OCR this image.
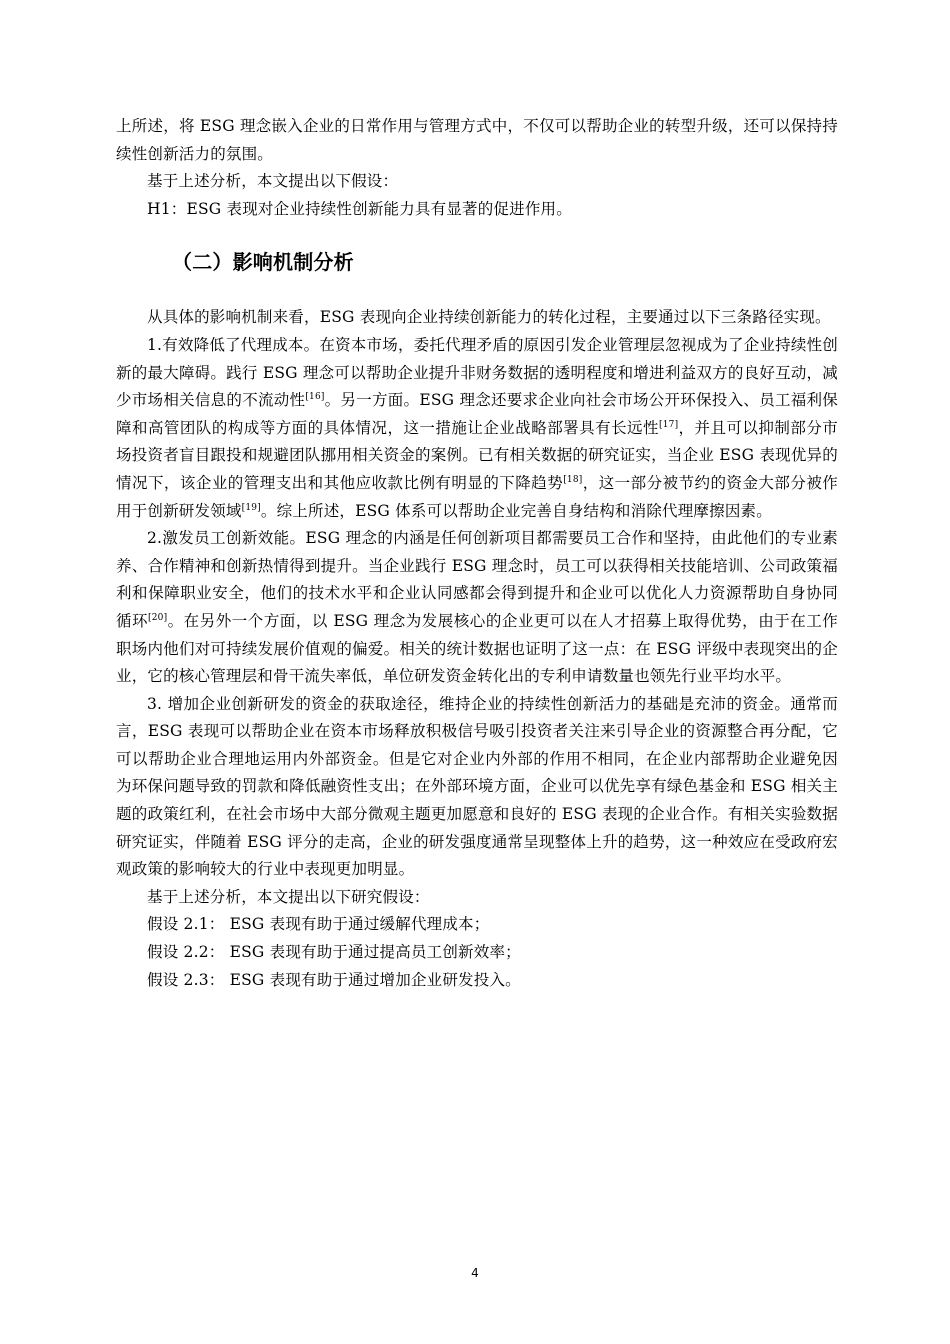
上所述，将 ESG 理念嵌入企业的日常作用与管理方式中，不仅可以帮助企业的转型升级，还可以保持持续性创新活力的氛围。

基于上述分析，本文提出以下假设：

H1：ESG 表现对企业持续性创新能力具有显著的促进作用。

（二）影响机制分析

从具体的影响机制来看，ESG 表现向企业持续创新能力的转化过程，主要通过以下三条路径实现。

1.有效降低了代理成本。在资本市场，委托代理矛盾的原因引发企业管理层忽视成为了企业持续性创新的最大障碍。践行 ESG 理念可以帮助企业提升非财务数据的透明程度和增进利益双方的良好互动，减少市场相关信息的不流动性[16]。另一方面。ESG 理念还要求企业向社会市场公开环保投入、员工福利保障和高管团队的构成等方面的具体情况，这一措施让企业战略部署具有长远性[17]，并且可以抑制部分市场投资者盲目跟投和规避团队挪用相关资金的案例。已有相关数据的研究证实，当企业 ESG 表现优异的情况下，该企业的管理支出和其他应收款比例有明显的下降趋势[18]，这一部分被节约的资金大部分被作用于创新研发领域[19]。综上所述，ESG 体系可以帮助企业完善自身结构和消除代理摩擦因素。

2.激发员工创新效能。ESG 理念的内涵是任何创新项目都需要员工合作和坚持，由此他们的专业素养、合作精神和创新热情得到提升。当企业践行 ESG 理念时，员工可以获得相关技能培训、公司政策福利和保障职业安全，他们的技术水平和企业认同感都会得到提升和企业可以优化人力资源帮助自身协同循环[20]。在另外一个方面，以 ESG 理念为发展核心的企业更可以在人才招募上取得优势，由于在工作职场内他们对可持续发展价值观的偏爱。相关的统计数据也证明了这一点：在 ESG 评级中表现突出的企业，它的核心管理层和骨干流失率低，单位研发资金转化出的专利申请数量也领先行业平均水平。

3. 增加企业创新研发的资金的获取途径，维持企业的持续性创新活力的基础是充沛的资金。通常而言，ESG 表现可以帮助企业在资本市场释放积极信号吸引投资者关注来引导企业的资源整合再分配，它可以帮助企业合理地运用内外部资金。但是它对企业内外部的作用不相同，在企业内部帮助企业避免因为环保问题导致的罚款和降低融资性支出；在外部环境方面，企业可以优先享有绿色基金和 ESG 相关主题的政策红利，在社会市场中大部分微观主题更加愿意和良好的 ESG 表现的企业合作。有相关实验数据研究证实，伴随着 ESG 评分的走高，企业的研发强度通常呈现整体上升的趋势，这一种效应在受政府宏观政策的影响较大的行业中表现更加明显。

基于上述分析，本文提出以下研究假设：

假设 2.1： ESG 表现有助于通过缓解代理成本；

假设 2.2： ESG 表现有助于通过提高员工创新效率；

假设 2.3： ESG 表现有助于通过增加企业研发投入。

4
